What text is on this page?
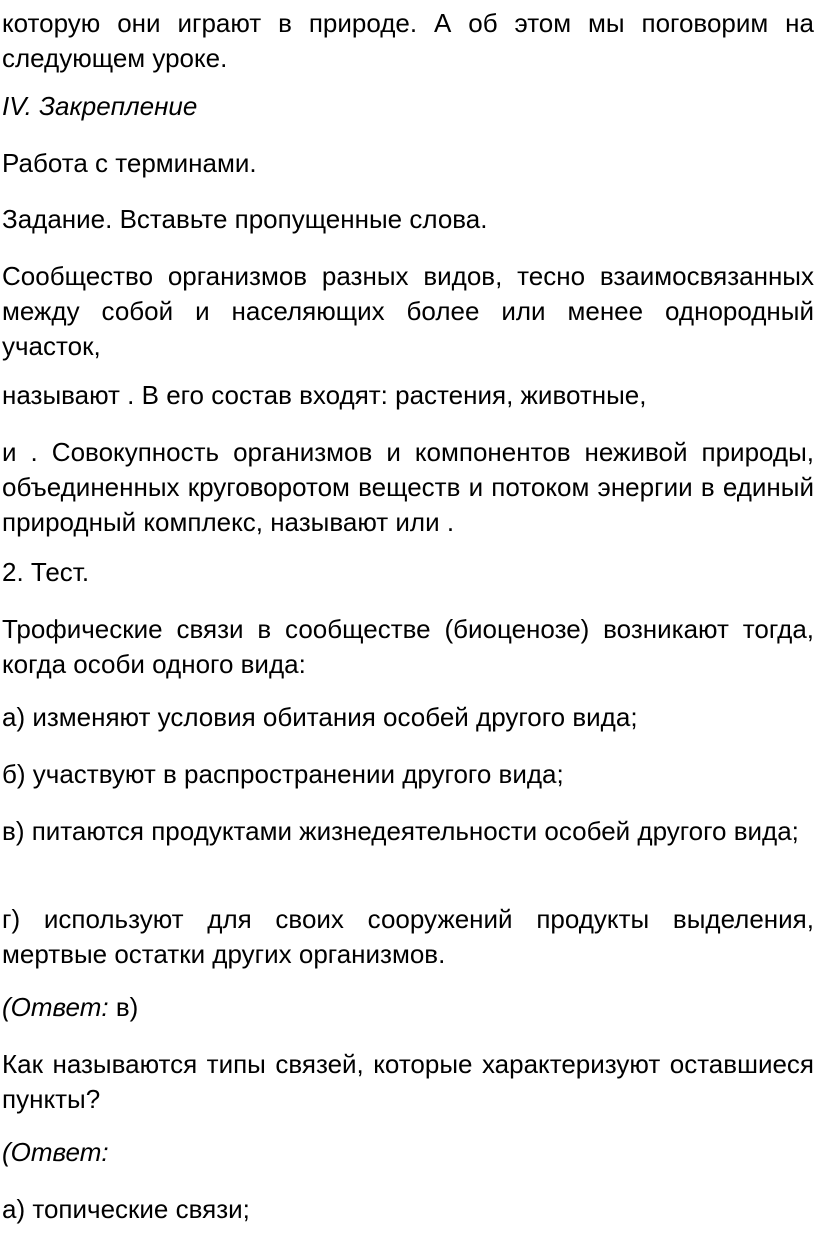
которую они играют в природе. А об этом мы поговорим на следующем уроке.

IV. Закрепление

Работа с терминами.

Задание. Вставьте пропущенные слова.

Сообщество организмов разных видов, тесно взаимосвязанных между собой и населяющих более или менее однородный участок,

называют . В его состав входят: растения, животные,

и . Совокупность организмов и компонентов неживой природы, объединенных круговоротом веществ и потоком энергии в единый природный комплекс, называют или .

2. Тест.

Трофические связи в сообществе (биоценозе) возникают тогда, когда особи одного вида:

а) изменяют условия обитания особей другого вида;

б) участвуют в распространении другого вида;

в) питаются продуктами жизнедеятельности особей другого вида;

г) используют для своих сооружений продукты выделения, мертвые остатки других организмов.

(Ответ: в)

Как называются типы связей, которые характеризуют оставшиеся пункты?

(Ответ:

а) топические связи;
